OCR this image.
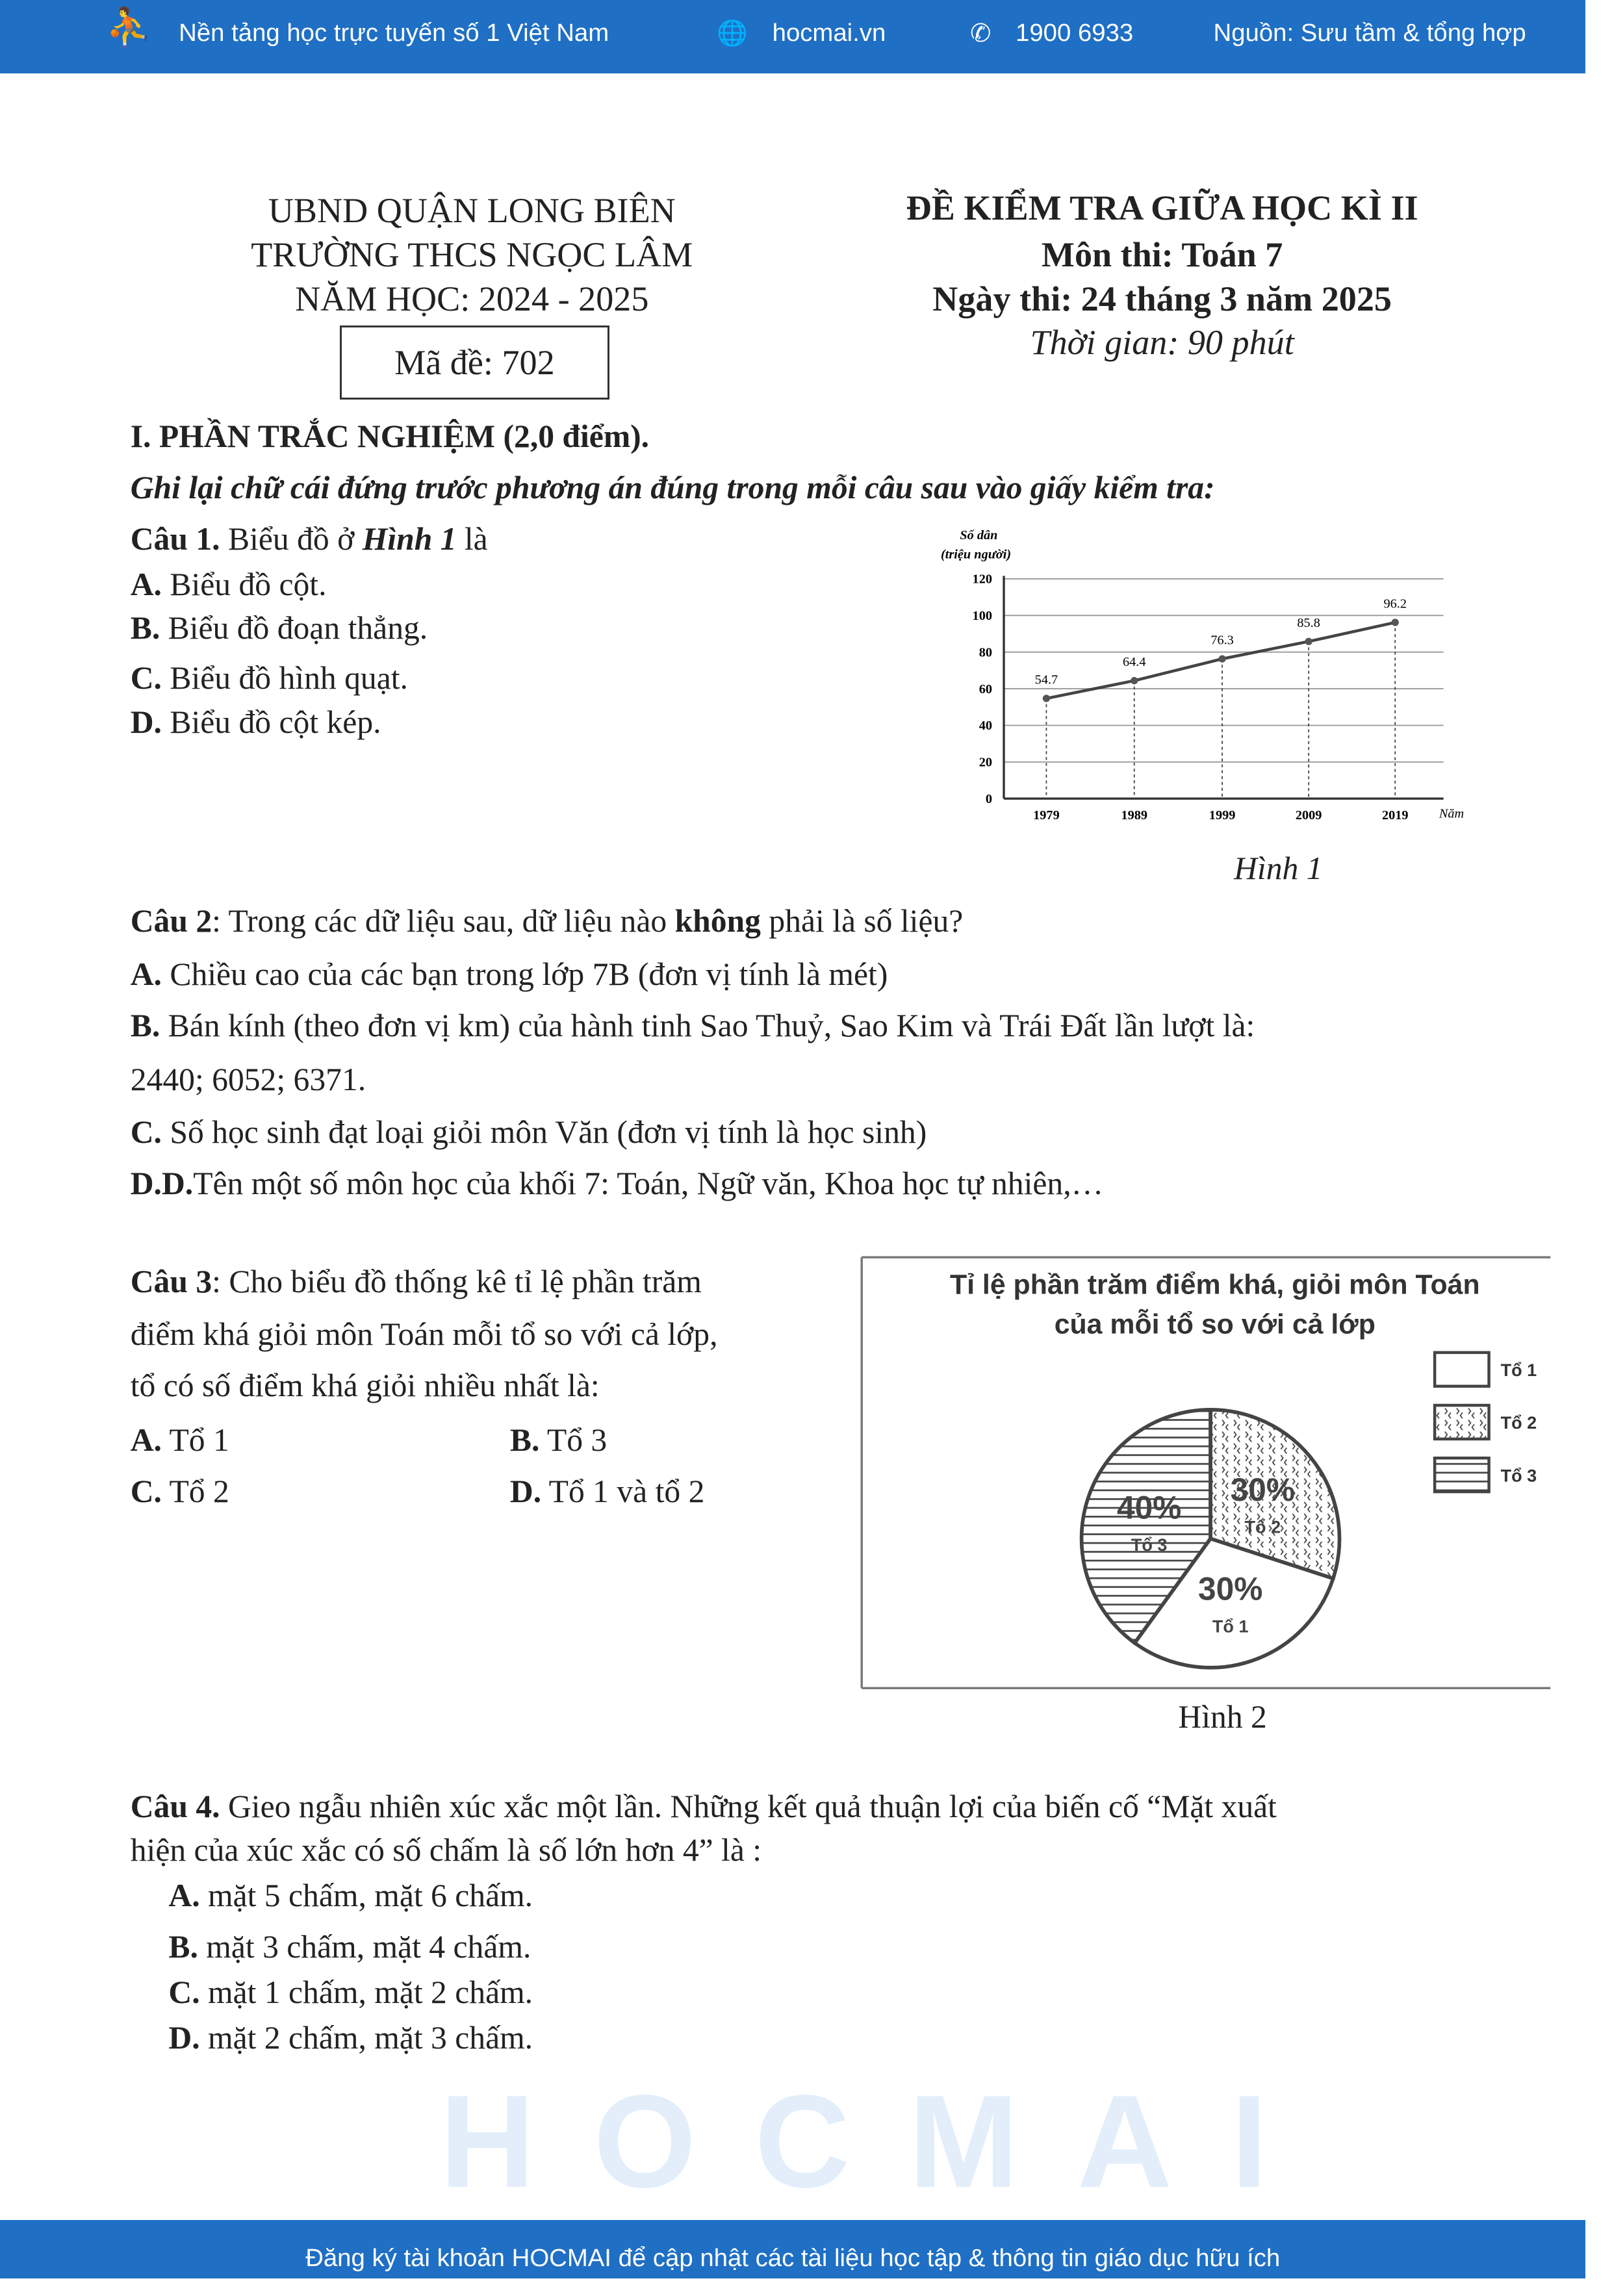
HOCMAI
⛹ Nền tảng học trực tuyến số 1 Việt Nam	🌐 hocmai.vn	✆ 1900 6933	Nguồn: Sưu tầm & tổng hợp
UBND QUẬN LONG BIÊN
TRƯỜNG THCS NGỌC LÂM
NĂM HỌC: 2024 - 2025
Mã đề: 702
ĐỀ KIỂM TRA GIỮA HỌC KÌ II
Môn thi: Toán 7
Ngày thi: 24 tháng 3 năm 2025
Thời gian: 90 phút
I. PHẦN TRẮC NGHIỆM (2,0 điểm).
Ghi lại chữ cái đứng trước phương án đúng trong mỗi câu sau vào giấy kiểm tra:
Câu 1. Biểu đồ ở Hình 1 là
A. Biểu đồ cột.
B. Biểu đồ đoạn thẳng.
C. Biểu đồ hình quạt.
D. Biểu đồ cột kép.
Số dân
(triệu người)
Năm
0
20
40
60
80
100
120
1979	1989	1999	2009	2019
54.7
64.4
76.3
85.8
96.2
Hình 1
Câu 2: Trong các dữ liệu sau, dữ liệu nào không phải là số liệu?
A. Chiều cao của các bạn trong lớp 7B (đơn vị tính là mét)
B. Bán kính (theo đơn vị km) của hành tinh Sao Thuỷ, Sao Kim và Trái Đất lần lượt là:
2440; 6052; 6371.
C. Số học sinh đạt loại giỏi môn Văn (đơn vị tính là học sinh)
D.D.Tên một số môn học của khối 7: Toán, Ngữ văn, Khoa học tự nhiên,…
Câu 3: Cho biểu đồ thống kê tỉ lệ phần trăm
điểm khá giỏi môn Toán mỗi tổ so với cả lớp,
tổ có số điểm khá giỏi nhiều nhất là:
A. Tổ 1	B. Tổ 3
C. Tổ 2	D. Tổ 1 và tổ 2
Tỉ lệ phần trăm điểm khá, giỏi môn Toán
của mỗi tổ so với cả lớp
30%
Tổ 2
30%
Tổ 1
40%
Tổ 3
Tổ 1
Tổ 2
Tổ 3
Hình 2
Câu 4. Gieo ngẫu nhiên xúc xắc một lần. Những kết quả thuận lợi của biến cố “Mặt xuất
hiện của xúc xắc có số chấm là số lớn hơn 4” là :
A. mặt 5 chấm, mặt 6 chấm.
B. mặt 3 chấm, mặt 4 chấm.
C. mặt 1 chấm, mặt 2 chấm.
D. mặt 2 chấm, mặt 3 chấm.
Đăng ký tài khoản HOCMAI để cập nhật các tài liệu học tập & thông tin giáo dục hữu ích
